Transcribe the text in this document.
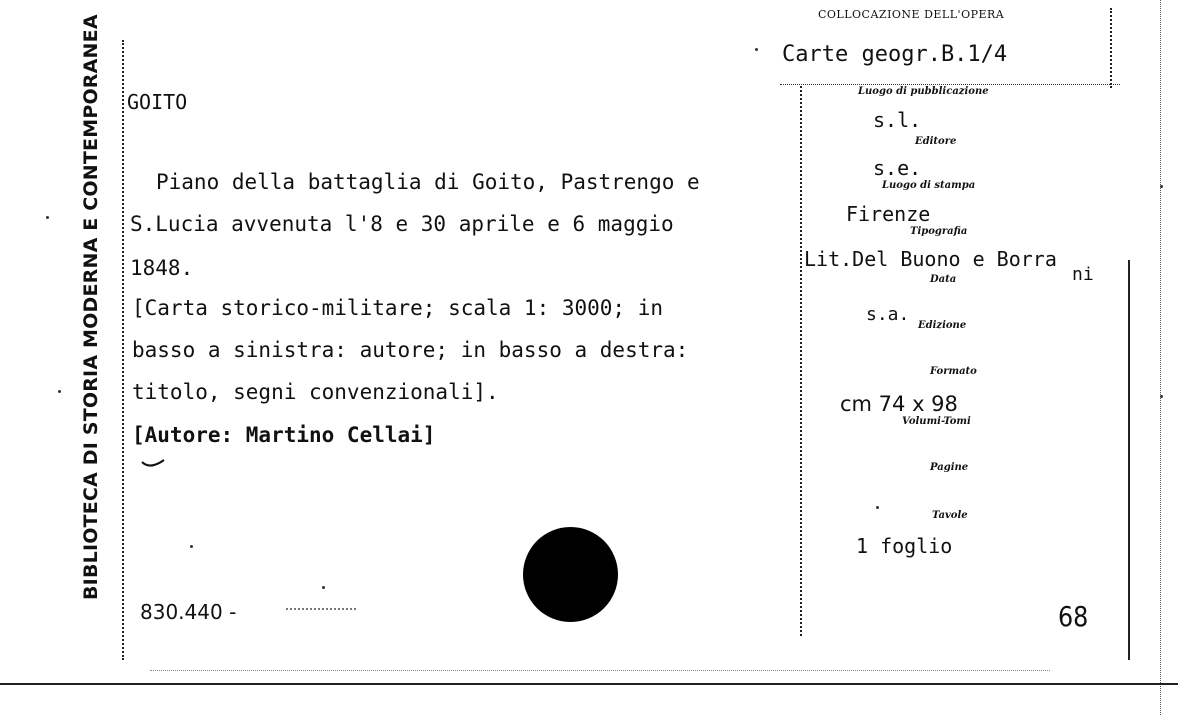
BIBLIOTECA DI STORIA MODERNA E CONTEMPORANEA	COLLOCAZIONE DELL'OPERA
Carte geogr.B.1/4
GOITO
Piano della battaglia di Goito, Pastrengo e
S.Lucia avvenuta l'8 e 30 aprile e 6 maggio
1848.
[Carta storico-militare; scala 1: 3000; in
basso a sinistra: autore; in basso a destra:
titolo, segni convenzionali].
[Autore: Martino Cellai]
830.440 -
Luogo di pubblicazione
s.l.
Editore
s.e.
Luogo di stampa
Firenze
Tipografia
Lit.Del Buono e Borra
ni
Data
s.a.
Edizione
Formato
cm 74 x 98
Volumi-Tomi
Pagine
Tavole
1 foglio
68
